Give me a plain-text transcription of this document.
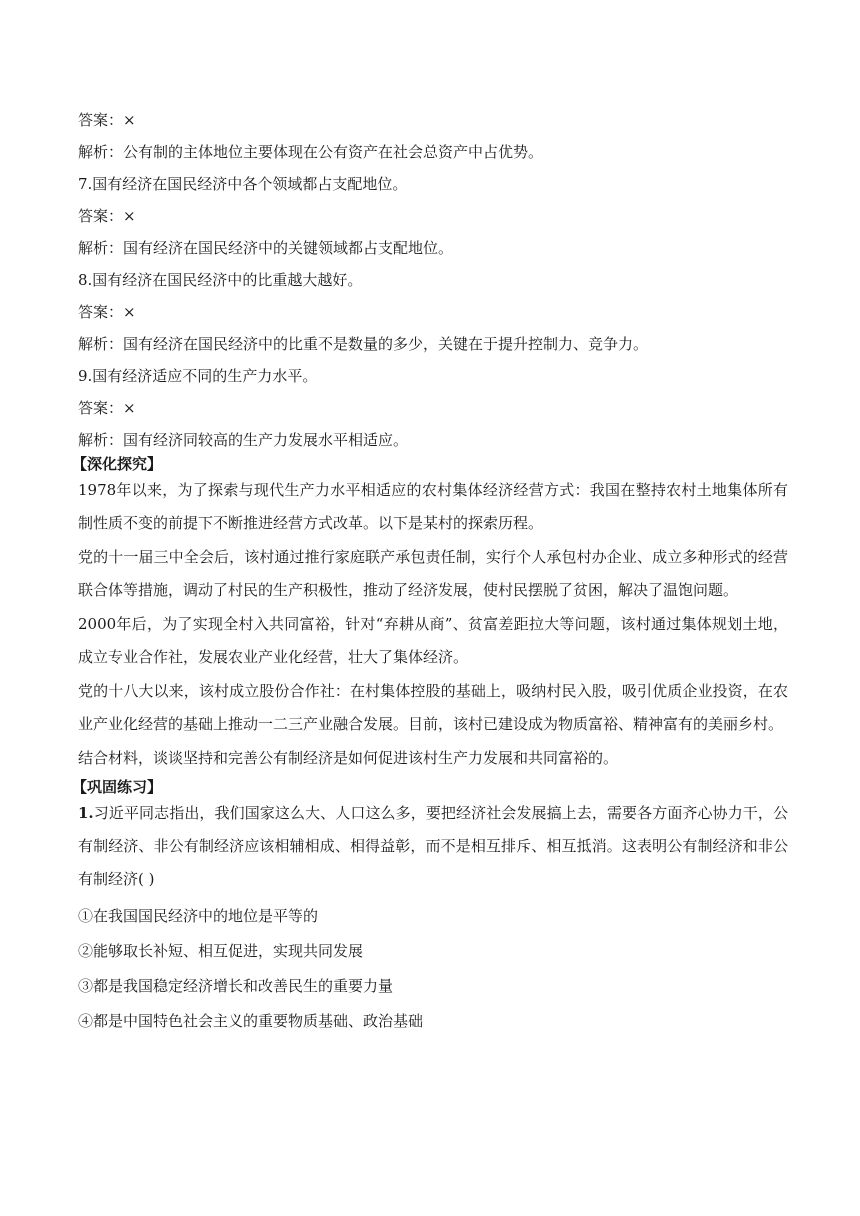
答案：×

解析：公有制的主体地位主要体现在公有资产在社会总资产中占优势。

7.国有经济在国民经济中各个领域都占支配地位。

答案：×

解析：国有经济在国民经济中的关键领域都占支配地位。

8.国有经济在国民经济中的比重越大越好。

答案：×

解析：国有经济在国民经济中的比重不是数量的多少，关键在于提升控制力、竞争力。

9.国有经济适应不同的生产力水平。

答案：×

解析：国有经济同较高的生产力发展水平相适应。

【深化探究】

1978年以来，为了探索与现代生产力水平相适应的农村集体经济经营方式：我国在整持农村土地集体所有制性质不变的前提下不断推进经营方式改革。以下是某村的探索历程。

党的十一届三中全会后，该村通过推行家庭联产承包责任制，实行个人承包村办企业、成立多种形式的经营联合体等措施，调动了村民的生产积极性，推动了经济发展，使村民摆脱了贫困，解决了温饱问题。

2000年后，为了实现全村入共同富裕，针对“弃耕从商”、贫富差距拉大等问题，该村通过集体规划土地，成立专业合作社，发展农业产业化经营，壮大了集体经济。

党的十八大以来，该村成立股份合作社：在村集体控股的基础上，吸纳村民入股，吸引优质企业投资，在农业产业化经营的基础上推动一二三产业融合发展。目前，该村已建设成为物质富裕、精神富有的美丽乡村。

结合材料，谈谈坚持和完善公有制经济是如何促进该村生产力发展和共同富裕的。

【巩固练习】

1.习近平同志指出，我们国家这么大、人口这么多，要把经济社会发展搞上去，需要各方面齐心协力干，公有制经济、非公有制经济应该相辅相成、相得益彰，而不是相互排斥、相互抵消。这表明公有制经济和非公有制经济( )

①在我国国民经济中的地位是平等的

②能够取长补短、相互促进，实现共同发展

③都是我国稳定经济增长和改善民生的重要力量

④都是中国特色社会主义的重要物质基础、政治基础
